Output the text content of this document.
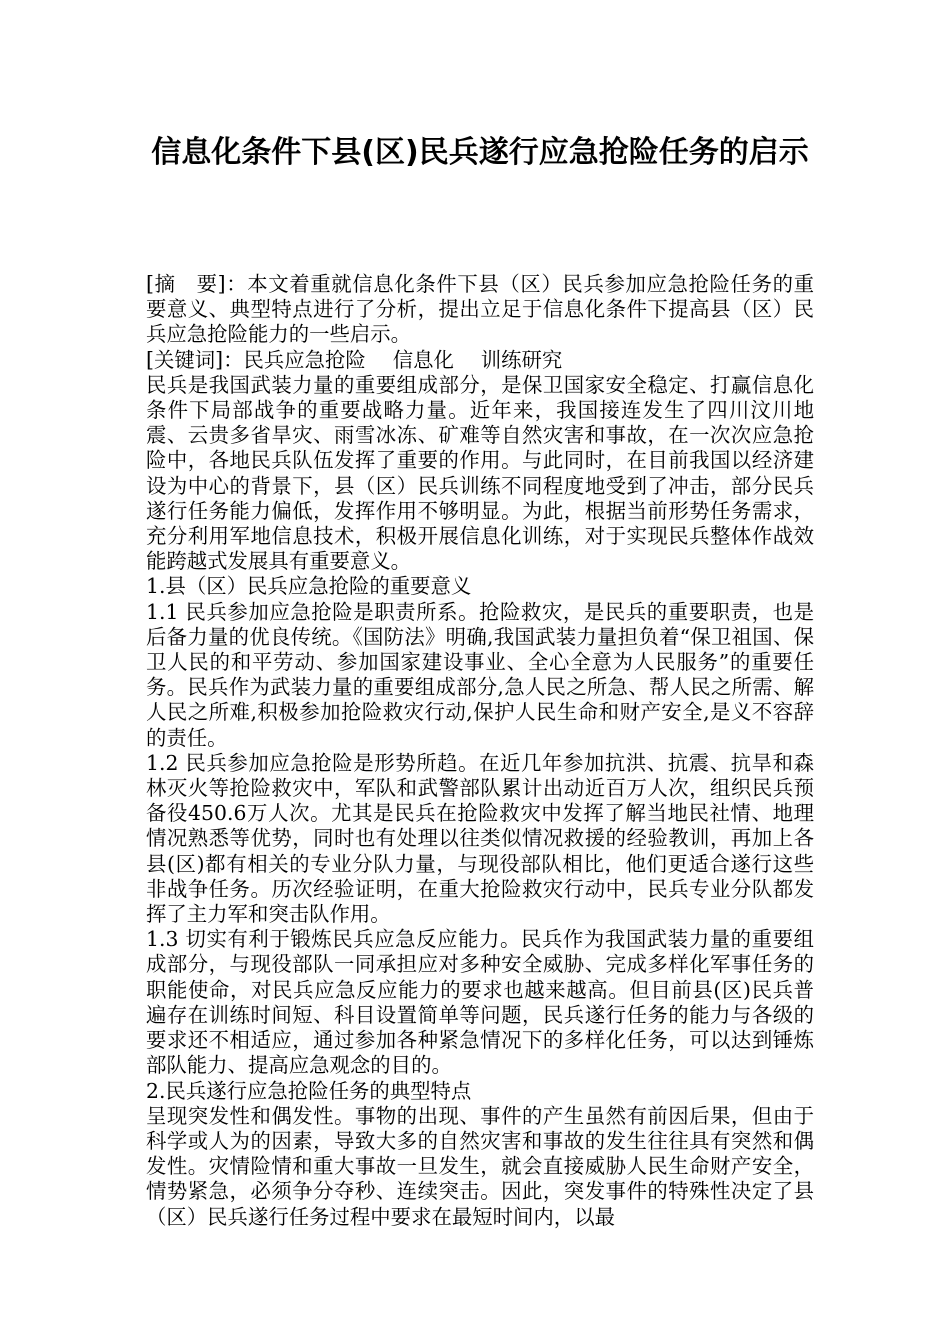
信息化条件下县(区)民兵遂行应急抢险任务的启示

[摘　要]：本文着重就信息化条件下县（区）民兵参加应急抢险任务的重要意义、典型特点进行了分析，提出立足于信息化条件下提高县（区）民兵应急抢险能力的一些启示。

[关键词]：民兵应急抢险　 信息化　 训练研究

民兵是我国武装力量的重要组成部分，是保卫国家安全稳定、打赢信息化条件下局部战争的重要战略力量。近年来，我国接连发生了四川汶川地震、云贵多省旱灾、雨雪冰冻、矿难等自然灾害和事故，在一次次应急抢险中，各地民兵队伍发挥了重要的作用。与此同时，在目前我国以经济建设为中心的背景下，县（区）民兵训练不同程度地受到了冲击，部分民兵遂行任务能力偏低，发挥作用不够明显。为此，根据当前形势任务需求，充分利用军地信息技术，积极开展信息化训练，对于实现民兵整体作战效能跨越式发展具有重要意义。

1.县（区）民兵应急抢险的重要意义

1.1 民兵参加应急抢险是职责所系。抢险救灾，是民兵的重要职责，也是后备力量的优良传统。《国防法》明确,我国武装力量担负着“保卫祖国、保卫人民的和平劳动、参加国家建设事业、全心全意为人民服务”的重要任务。民兵作为武装力量的重要组成部分,急人民之所急、帮人民之所需、解人民之所难,积极参加抢险救灾行动,保护人民生命和财产安全,是义不容辞的责任。

1.2 民兵参加应急抢险是形势所趋。在近几年参加抗洪、抗震、抗旱和森林灭火等抢险救灾中，军队和武警部队累计出动近百万人次，组织民兵预备役450.6万人次。尤其是民兵在抢险救灾中发挥了解当地民社情、地理情况熟悉等优势，同时也有处理以往类似情况救援的经验教训，再加上各县(区)都有相关的专业分队力量，与现役部队相比，他们更适合遂行这些非战争任务。历次经验证明，在重大抢险救灾行动中，民兵专业分队都发挥了主力军和突击队作用。

1.3 切实有利于锻炼民兵应急反应能力。民兵作为我国武装力量的重要组成部分，与现役部队一同承担应对多种安全威胁、完成多样化军事任务的职能使命，对民兵应急反应能力的要求也越来越高。但目前县(区)民兵普遍存在训练时间短、科目设置简单等问题，民兵遂行任务的能力与各级的要求还不相适应，通过参加各种紧急情况下的多样化任务，可以达到锤炼部队能力、提高应急观念的目的。

2.民兵遂行应急抢险任务的典型特点

呈现突发性和偶发性。事物的出现、事件的产生虽然有前因后果，但由于科学或人为的因素，导致大多的自然灾害和事故的发生往往具有突然和偶发性。灾情险情和重大事故一旦发生，就会直接威胁人民生命财产安全，情势紧急，必须争分夺秒、连续突击。因此，突发事件的特殊性决定了县（区）民兵遂行任务过程中要求在最短时间内，以最
